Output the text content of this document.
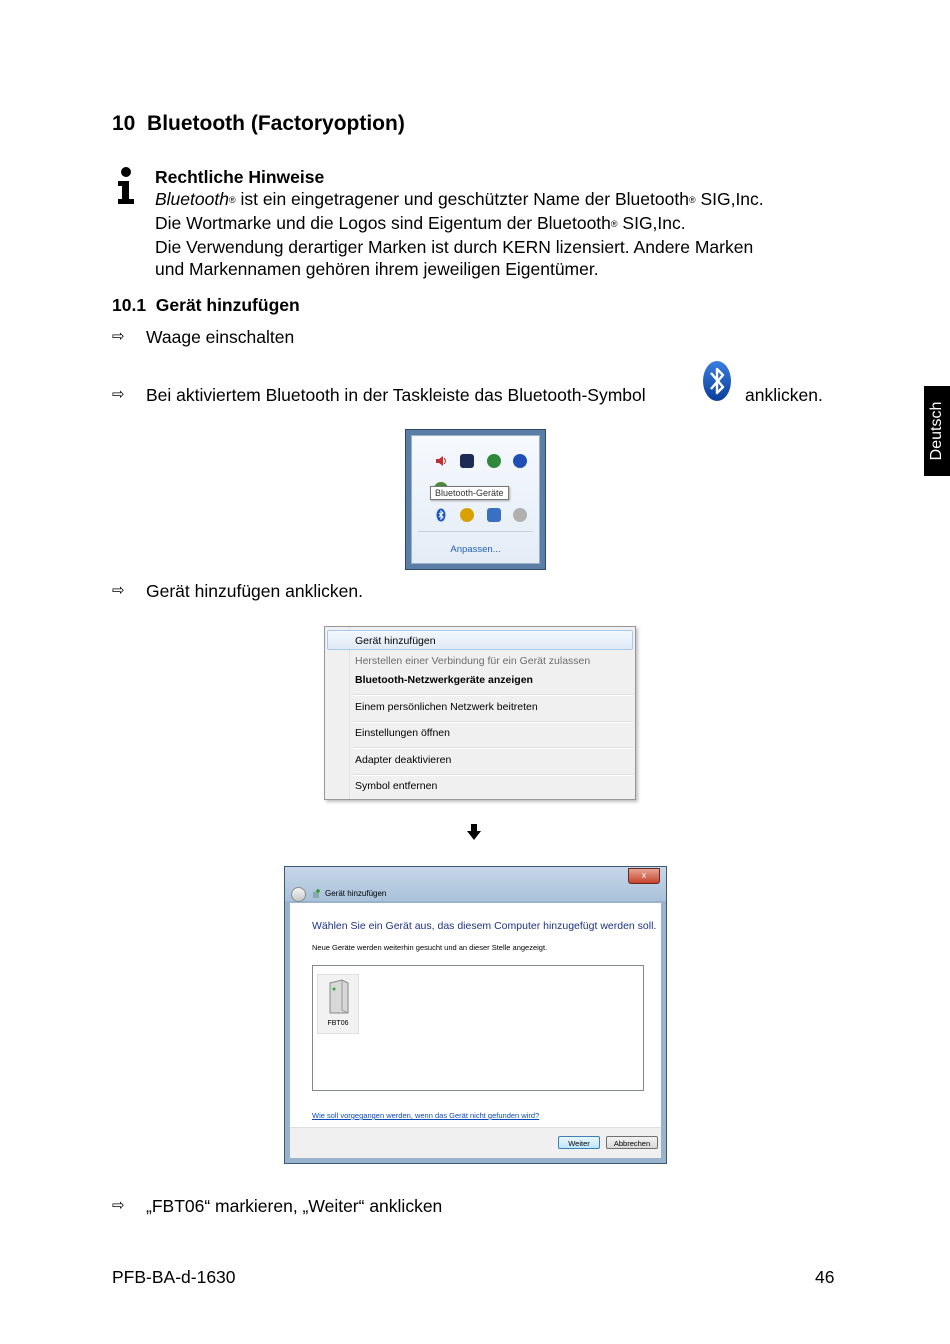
10 Bluetooth (Factoryoption)
Rechtliche Hinweise
Bluetooth® ist ein eingetragener und geschützter Name der Bluetooth® SIG,Inc.
Die Wortmarke und die Logos sind Eigentum der Bluetooth® SIG,Inc.
Die Verwendung derartiger Marken ist durch KERN lizensiert. Andere Marken
und Markennamen gehören ihrem jeweiligen Eigentümer.
10.1 Gerät hinzufügen
⇨ Waage einschalten
⇨ Bei aktiviertem Bluetooth in der Taskleiste das Bluetooth-Symbol	anklicken.
Bluetooth-Geräte
Anpassen...
⇨ Gerät hinzufügen anklicken.
Gerät hinzufügen
Herstellen einer Verbindung für ein Gerät zulassen
Bluetooth-Netzwerkgeräte anzeigen
Einem persönlichen Netzwerk beitreten
Einstellungen öffnen
Adapter deaktivieren
Symbol entfernen
x
Gerät hinzufügen
Wählen Sie ein Gerät aus, das diesem Computer hinzugefügt werden soll.
Neue Geräte werden weiterhin gesucht und an dieser Stelle angezeigt.
FBT06
Wie soll vorgegangen werden, wenn das Gerät nicht gefunden wird?
Weiter	Abbrechen
⇨ „FBT06“ markieren, „Weiter“ anklicken
Deutsch
PFB-BA-d-1630	46
